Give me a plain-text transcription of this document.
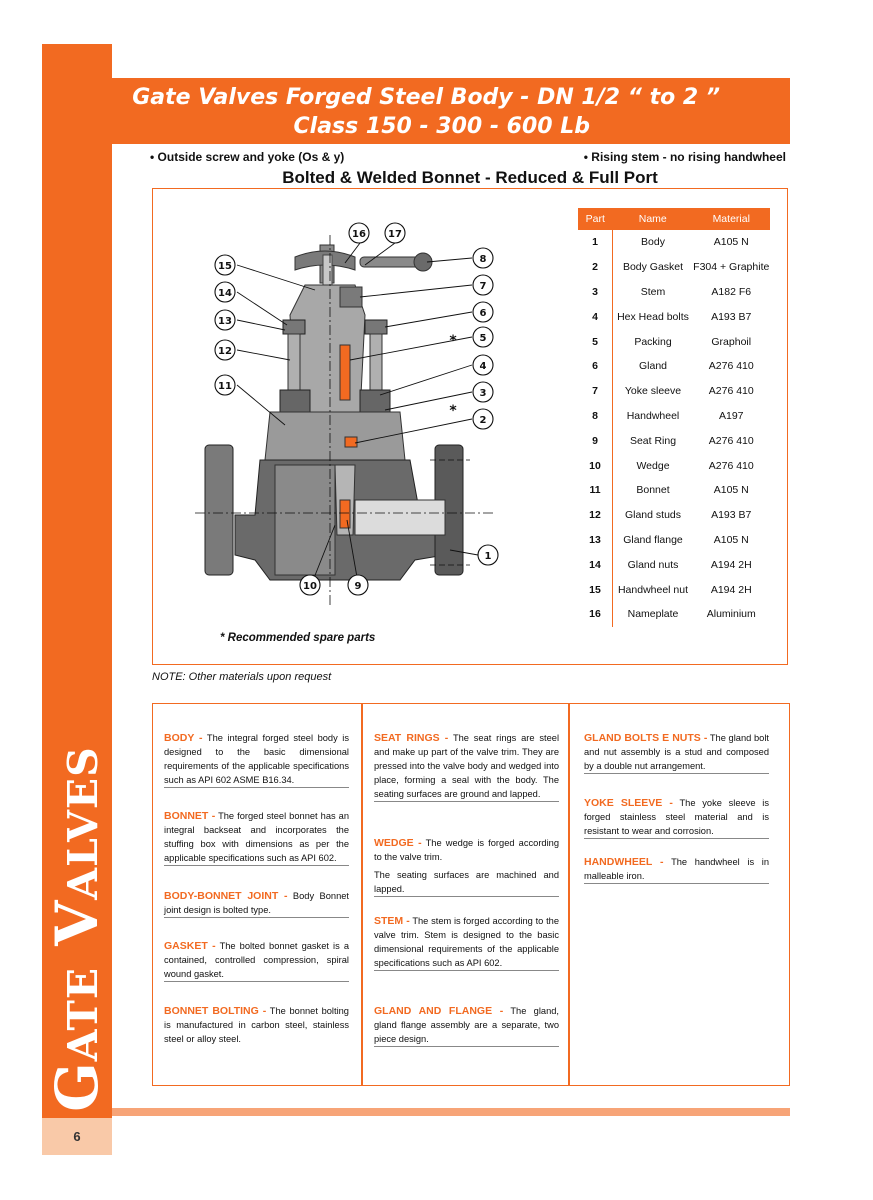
Gate Valves
6
Gate Valves Forged Steel Body - DN 1/2 “ to 2 ”
Class 150 - 300 - 600 Lb
• Outside screw and yoke (Os & y)	• Rising stem - no rising handwheel
Bolted & Welded Bonnet - Reduced & Full Port
16 17
8
7
6
5
4
3
2
1
9
10
15
14
13
12
11
*
*
* Recommended spare parts
Part	Name	Material
1	Body	A105 N
2	Body Gasket	F304 + Graphite
3	Stem	A182 F6
4	Hex Head bolts	A193 B7
5	Packing	Graphoil
6	Gland	A276 410
7	Yoke sleeve	A276 410
8	Handwheel	A197
9	Seat Ring	A276 410
10	Wedge	A276 410
11	Bonnet	A105 N
12	Gland studs	A193 B7
13	Gland flange	A105 N
14	Gland nuts	A194 2H
15	Handwheel nut	A194 2H
16	Nameplate	Aluminium
NOTE: Other materials upon request
BODY - The integral forged steel body is designed to the basic dimensional requirements of the applicable specifications such as API 602 ASME B16.34.
BONNET - The forged steel bonnet has an integral backseat and incorporates the stuffing box with dimensions as per the applicable specifications such as API 602.
BODY-BONNET JOINT - Body Bonnet joint design is bolted type.
GASKET - The bolted bonnet gasket is a contained, controlled compression, spiral wound gasket.
BONNET BOLTING - The bonnet bolting is manufactured in carbon steel, stainless steel or alloy steel.
SEAT RINGS - The seat rings are steel and make up part of the valve trim. They are pressed into the valve body and wedged into place, forming a seal with the body. The seating surfaces are ground and lapped.
WEDGE - The wedge is forged according to the valve trim.
The seating surfaces are machined and lapped.
STEM - The stem is forged according to the valve trim. Stem is designed to the basic dimensional requirements of the applicable specifications such as API 602.
GLAND AND FLANGE - The gland, gland flange assembly are a separate, two piece design.
GLAND BOLTS E NUTS - The gland bolt and nut assembly is a stud and composed by a double nut arrangement.
YOKE SLEEVE - The yoke sleeve is forged stainless steel material and is resistant to wear and corrosion.
HANDWHEEL - The handwheel is in malleable iron.
